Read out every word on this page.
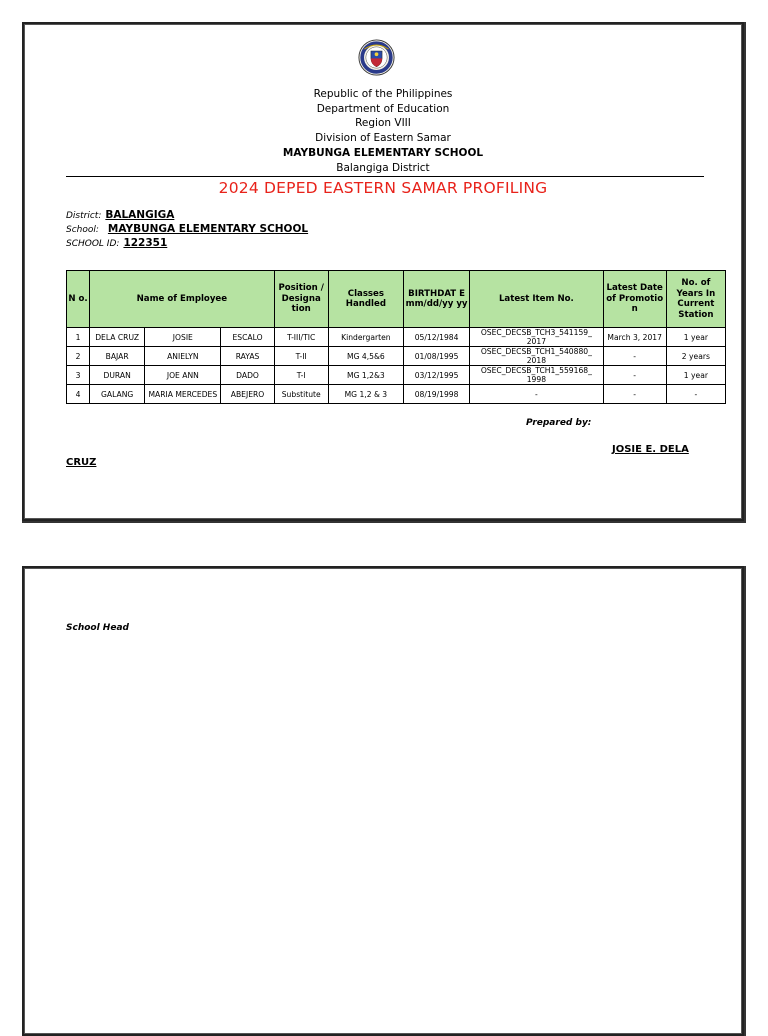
Republic of the Philippines
Department of Education
Region VIII
Division of Eastern Samar
MAYBUNGA ELEMENTARY SCHOOL
Balangiga District
2024 DEPED EASTERN SAMAR PROFILING
District: BALANGIGA
School: MAYBUNGA ELEMENTARY SCHOOL
SCHOOL ID: 122351
N o.	Name of Employee			Position / Designa tion	Classes Handled	BIRTHDAT E mm/dd/yy yy	Latest Item No.	Latest Date of Promotio n	No. of Years In Current Station
1	DELA CRUZ	JOSIE	ESCALO	T-III/TIC	Kindergarten	05/12/1984	OSEC_DECSB_TCH3_541159_ 2017	March 3, 2017	1 year
2	BAJAR	ANIELYN	RAYAS	T-II	MG 4,5&6	01/08/1995	OSEC_DECSB_TCH1_540880_ 2018	-	2 years
3	DURAN	JOE ANN	DADO	T-I	MG 1,2&3	03/12/1995	OSEC_DECSB_TCH1_559168_ 1998	-	1 year
4	GALANG	MARIA MERCEDES	ABEJERO	Substitute	MG 1,2 & 3	08/19/1998	-	-	-
Prepared by:
JOSIE E. DELA
CRUZ
School Head
